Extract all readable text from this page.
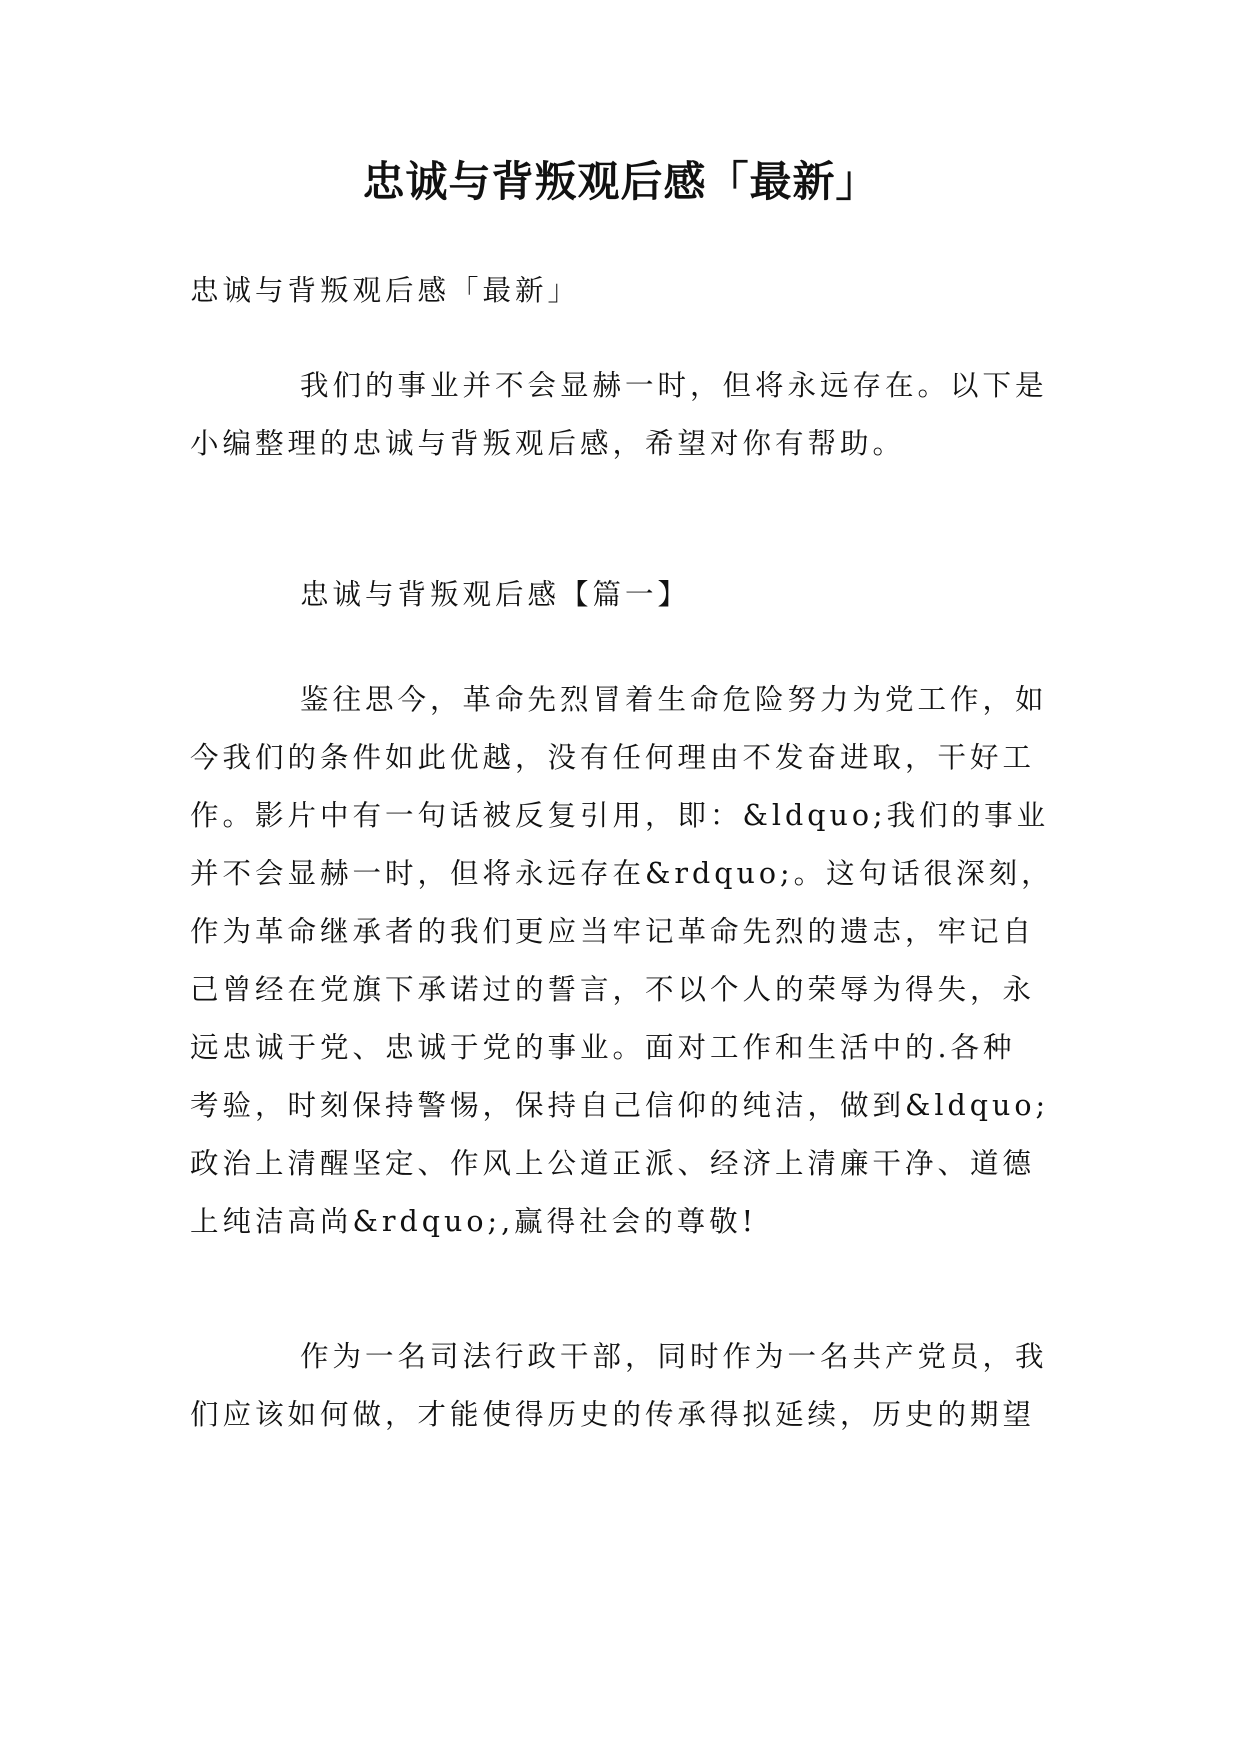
忠诚与背叛观后感「最新」

忠诚与背叛观后感「最新」

我们的事业并不会显赫一时，但将永远存在。以下是
小编整理的忠诚与背叛观后感，希望对你有帮助。

忠诚与背叛观后感【篇一】

鉴往思今，革命先烈冒着生命危险努力为党工作，如
今我们的条件如此优越，没有任何理由不发奋进取，干好工
作。影片中有一句话被反复引用，即：&ldquo;我们的事业
并不会显赫一时，但将永远存在&rdquo;。这句话很深刻，
作为革命继承者的我们更应当牢记革命先烈的遗志，牢记自
己曾经在党旗下承诺过的誓言，不以个人的荣辱为得失，永
远忠诚于党、忠诚于党的事业。面对工作和生活中的.各种
考验，时刻保持警惕，保持自己信仰的纯洁，做到&ldquo;
政治上清醒坚定、作风上公道正派、经济上清廉干净、道德
上纯洁高尚&rdquo;,赢得社会的尊敬!

作为一名司法行政干部，同时作为一名共产党员，我
们应该如何做，才能使得历史的传承得拟延续，历史的期望
